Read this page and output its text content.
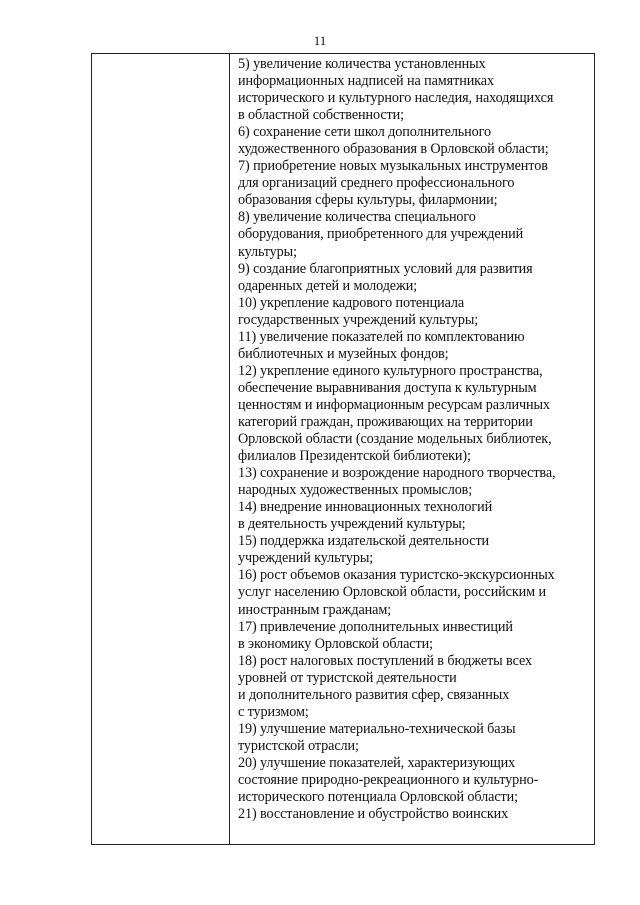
11
5) увеличение количества установленных
информационных надписей на памятниках
исторического и культурного наследия, находящихся
в областной собственности;
6) сохранение сети школ дополнительного
художественного образования в Орловской области;
7) приобретение новых музыкальных инструментов
для организаций среднего профессионального
образования сферы культуры, филармонии;
8) увеличение количества специального
оборудования, приобретенного для учреждений
культуры;
9) создание благоприятных условий для развития
одаренных детей и молодежи;
10) укрепление кадрового потенциала
государственных учреждений культуры;
11) увеличение показателей по комплектованию
библиотечных и музейных фондов;
12) укрепление единого культурного пространства,
обеспечение выравнивания доступа к культурным
ценностям и информационным ресурсам различных
категорий граждан, проживающих на территории
Орловской области (создание модельных библиотек,
филиалов Президентской библиотеки);
13) сохранение и возрождение народного творчества,
народных художественных промыслов;
14) внедрение инновационных технологий
в деятельность учреждений культуры;
15) поддержка издательской деятельности
учреждений культуры;
16) рост объемов оказания туристско-экскурсионных
услуг населению Орловской области, российским и
иностранным гражданам;
17) привлечение дополнительных инвестиций
в экономику Орловской области;
18) рост налоговых поступлений в бюджеты всех
уровней от туристской деятельности
и дополнительного развития сфер, связанных
с туризмом;
19) улучшение материально-технической базы
туристской отрасли;
20) улучшение показателей, характеризующих
состояние природно-рекреационного и культурно-
исторического потенциала Орловской области;
21) восстановление и обустройство воинских
